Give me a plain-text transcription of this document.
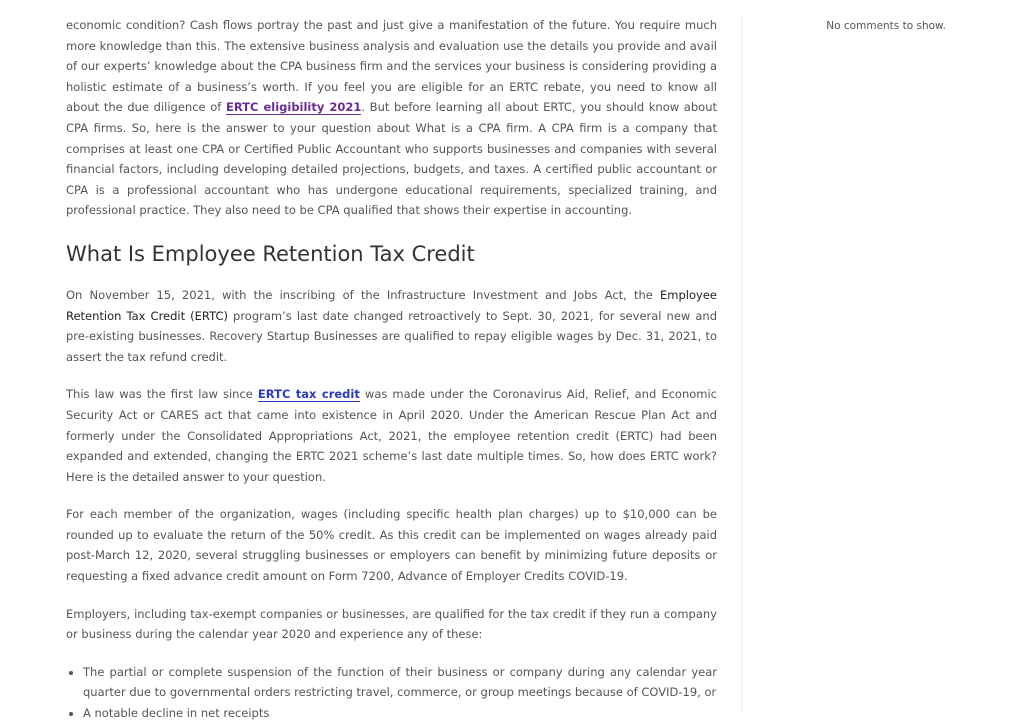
economic condition? Cash flows portray the past and just give a manifestation of the future. You require much more knowledge than this. The extensive business analysis and evaluation use the details you provide and avail of our experts’ knowledge about the CPA business firm and the services your business is considering providing a holistic estimate of a business’s worth. If you feel you are eligible for an ERTC rebate, you need to know all about the due diligence of ERTC eligibility 2021. But before learning all about ERTC, you should know about CPA firms. So, here is the answer to your question about What is a CPA firm. A CPA firm is a company that comprises at least one CPA or Certified Public Accountant who supports businesses and companies with several financial factors, including developing detailed projections, budgets, and taxes. A certified public accountant or CPA is a professional accountant who has undergone educational requirements, specialized training, and professional practice. They also need to be CPA qualified that shows their expertise in accounting.

What Is Employee Retention Tax Credit

On November 15, 2021, with the inscribing of the Infrastructure Investment and Jobs Act, the Employee Retention Tax Credit (ERTC) program’s last date changed retroactively to Sept. 30, 2021, for several new and pre-existing businesses. Recovery Startup Businesses are qualified to repay eligible wages by Dec. 31, 2021, to assert the tax refund credit.

This law was the first law since ERTC tax credit was made under the Coronavirus Aid, Relief, and Economic Security Act or CARES act that came into existence in April 2020. Under the American Rescue Plan Act and formerly under the Consolidated Appropriations Act, 2021, the employee retention credit (ERTC) had been expanded and extended, changing the ERTC 2021 scheme’s last date multiple times. So, how does ERTC work? Here is the detailed answer to your question.

For each member of the organization, wages (including specific health plan charges) up to $10,000 can be rounded up to evaluate the return of the 50% credit. As this credit can be implemented on wages already paid post-March 12, 2020, several struggling businesses or employers can benefit by minimizing future deposits or requesting a fixed advance credit amount on Form 7200, Advance of Employer Credits COVID-19.

Employers, including tax-exempt companies or businesses, are qualified for the tax credit if they run a company or business during the calendar year 2020 and experience any of these:

• The partial or complete suspension of the function of their business or company during any calendar year quarter due to governmental orders restricting travel, commerce, or group meetings because of COVID-19, or
• A notable decline in net receipts
No comments to show.
